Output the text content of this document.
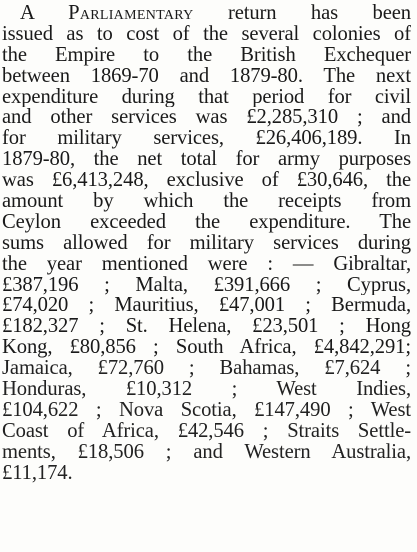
A Parliamentary return has been
issued as to cost of the several colonies of
the Empire to the British Exchequer
between 1869-70 and 1879-80. The next
expenditure during that period for civil
and other services was £2,285,310 ; and
for military services, £26,406,189. In
1879-80, the net total for army purposes
was £6,413,248, exclusive of £30,646, the
amount by which the receipts from
Ceylon exceeded the expenditure. The
sums allowed for military services during
the year mentioned were : — Gibraltar,
£387,196 ; Malta, £391,666 ; Cyprus,
£74,020 ; Mauritius, £47,001 ; Bermuda,
£182,327 ; St. Helena, £23,501 ; Hong
Kong, £80,856 ; South Africa, £4,842,291;
Jamaica, £72,760 ; Bahamas, £7,624 ;
Honduras, £10,312 ; West Indies,
£104,622 ; Nova Scotia, £147,490 ; West
Coast of Africa, £42,546 ; Straits Settle-
ments, £18,506 ; and Western Australia,
£11,174.
